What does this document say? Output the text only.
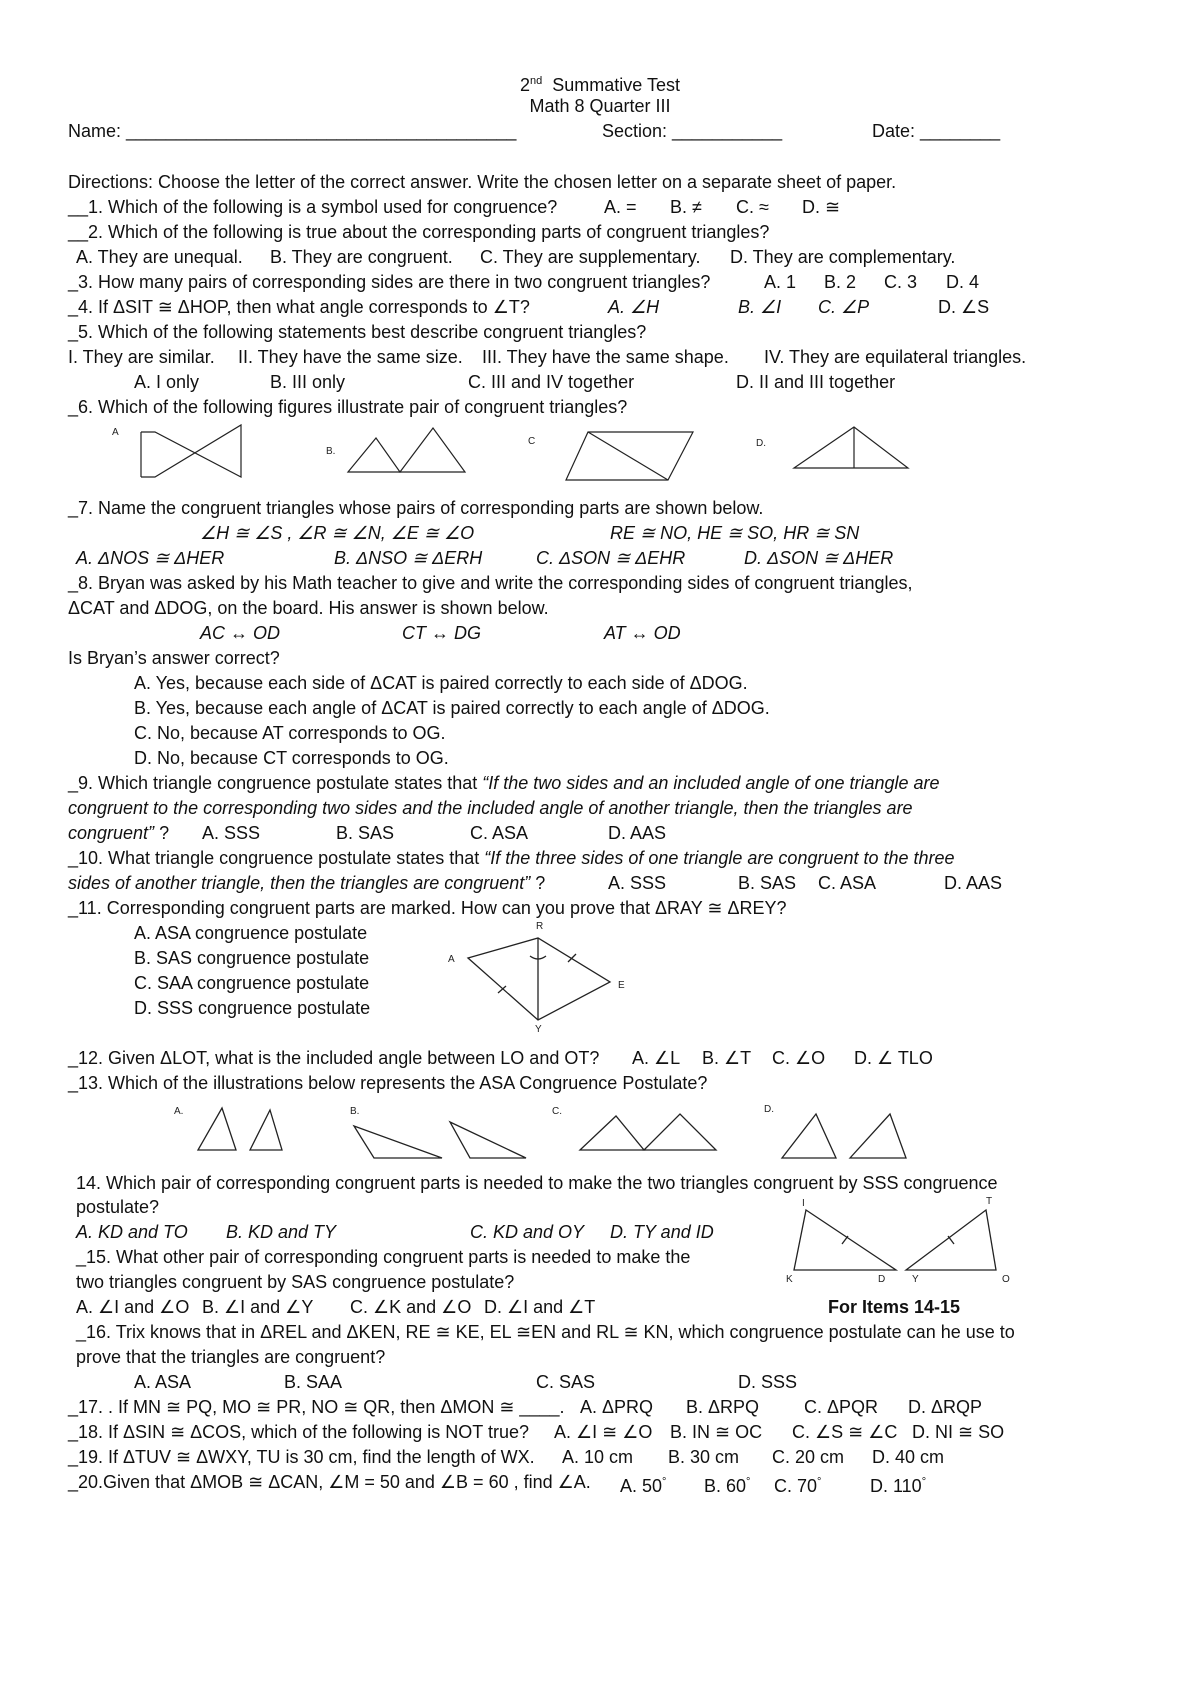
2nd Summative Test
Math 8 Quarter III
Name: _______________________________________	Section: ___________	Date: ________
Directions: Choose the letter of the correct answer. Write the chosen letter on a separate sheet of paper.
__1. Which of the following is a symbol used for congruence?	A. = B. ≠ C. ≈ D. ≅
__2. Which of the following is true about the corresponding parts of congruent triangles?
A. They are unequal. B. They are congruent. C. They are supplementary. D. They are complementary.
_3. How many pairs of corresponding sides are there in two congruent triangles?	A. 1 B. 2 C. 3 D. 4
_4. If ΔSIT ≅ ΔHOP, then what angle corresponds to ∠T?	A. ∠H	B. ∠I C. ∠P	D. ∠S
_5. Which of the following statements best describe congruent triangles?
I. They are similar. II. They have the same size. III. They have the same shape. IV. They are equilateral triangles.
A. I only	B. III only	C. III and IV together	D. II and III together
_6. Which of the following figures illustrate pair of congruent triangles?
A
B.
C	D.
_7. Name the congruent triangles whose pairs of corresponding parts are shown below.
∠H ≅ ∠S , ∠R ≅ ∠N, ∠E ≅ ∠O	RE ≅ NO, HE ≅ SO, HR ≅ SN
A. ΔNOS ≅ ΔHER	B. ΔNSO ≅ ΔERH	C. ΔSON ≅ ΔEHR	D. ΔSON ≅ ΔHER
_8. Bryan was asked by his Math teacher to give and write the corresponding sides of congruent triangles,
ΔCAT and ΔDOG, on the board. His answer is shown below.
AC ↔ OD	CT ↔ DG	AT ↔ OD
Is Bryan’s answer correct?
A. Yes, because each side of ΔCAT is paired correctly to each side of ΔDOG.
B. Yes, because each angle of ΔCAT is paired correctly to each angle of ΔDOG.
C. No, because AT corresponds to OG.
D. No, because CT corresponds to OG.
_9. Which triangle congruence postulate states that “If the two sides and an included angle of one triangle are
congruent to the corresponding two sides and the included angle of another triangle, then the triangles are
congruent” ? A. SSS	B. SAS	C. ASA	D. AAS
_10. What triangle congruence postulate states that “If the three sides of one triangle are congruent to the three
sides of another triangle, then the triangles are congruent” ?	A. SSS	B. SAS C. ASA	D. AAS
_11. Corresponding congruent parts are marked. How can you prove that ΔRAY ≅ ΔREY?
A. ASA congruence postulate
B. SAS congruence postulate
C. SAA congruence postulate
D. SSS congruence postulate
R
A
E
Y
_12. Given ΔLOT, what is the included angle between LO and OT? A. ∠L B. ∠T C. ∠O D. ∠ TLO
_13. Which of the illustrations below represents the ASA Congruence Postulate?
A.	B.	C.	D.
14. Which pair of corresponding congruent parts is needed to make the two triangles congruent by SSS congruence
postulate?
A. KD and TO B. KD and TY	C. KD and OY D. TY and ID
_15. What other pair of corresponding congruent parts is needed to make the
two triangles congruent by SAS congruence postulate?
A. ∠I and ∠O B. ∠I and ∠Y C. ∠K and ∠O D. ∠I and ∠T
I
K	D	Y
T
O
For Items 14-15
_16. Trix knows that in ΔREL and ΔKEN, RE ≅ KE, EL ≅EN and RL ≅ KN, which congruence postulate can he use to
prove that the triangles are congruent?
A. ASA	B. SAA	C. SAS	D. SSS
_17. . If MN ≅ PQ, MO ≅ PR, NO ≅ QR, then ΔMON ≅ ____. A. ΔPRQ B. ΔRPQ C. ΔPQR D. ΔRQP
_18. If ΔSIN ≅ ΔCOS, which of the following is NOT true? A. ∠I ≅ ∠O B. IN ≅ OC C. ∠S ≅ ∠C D. NI ≅ SO
_19. If ΔTUV ≅ ΔWXY, TU is 30 cm, find the length of WX. A. 10 cm B. 30 cm C. 20 cm D. 40 cm
_20.Given that ΔMOB ≅ ΔCAN, ∠M = 50 and ∠B = 60 , find ∠A. A. 50° B. 60° C. 70°	D. 110°
